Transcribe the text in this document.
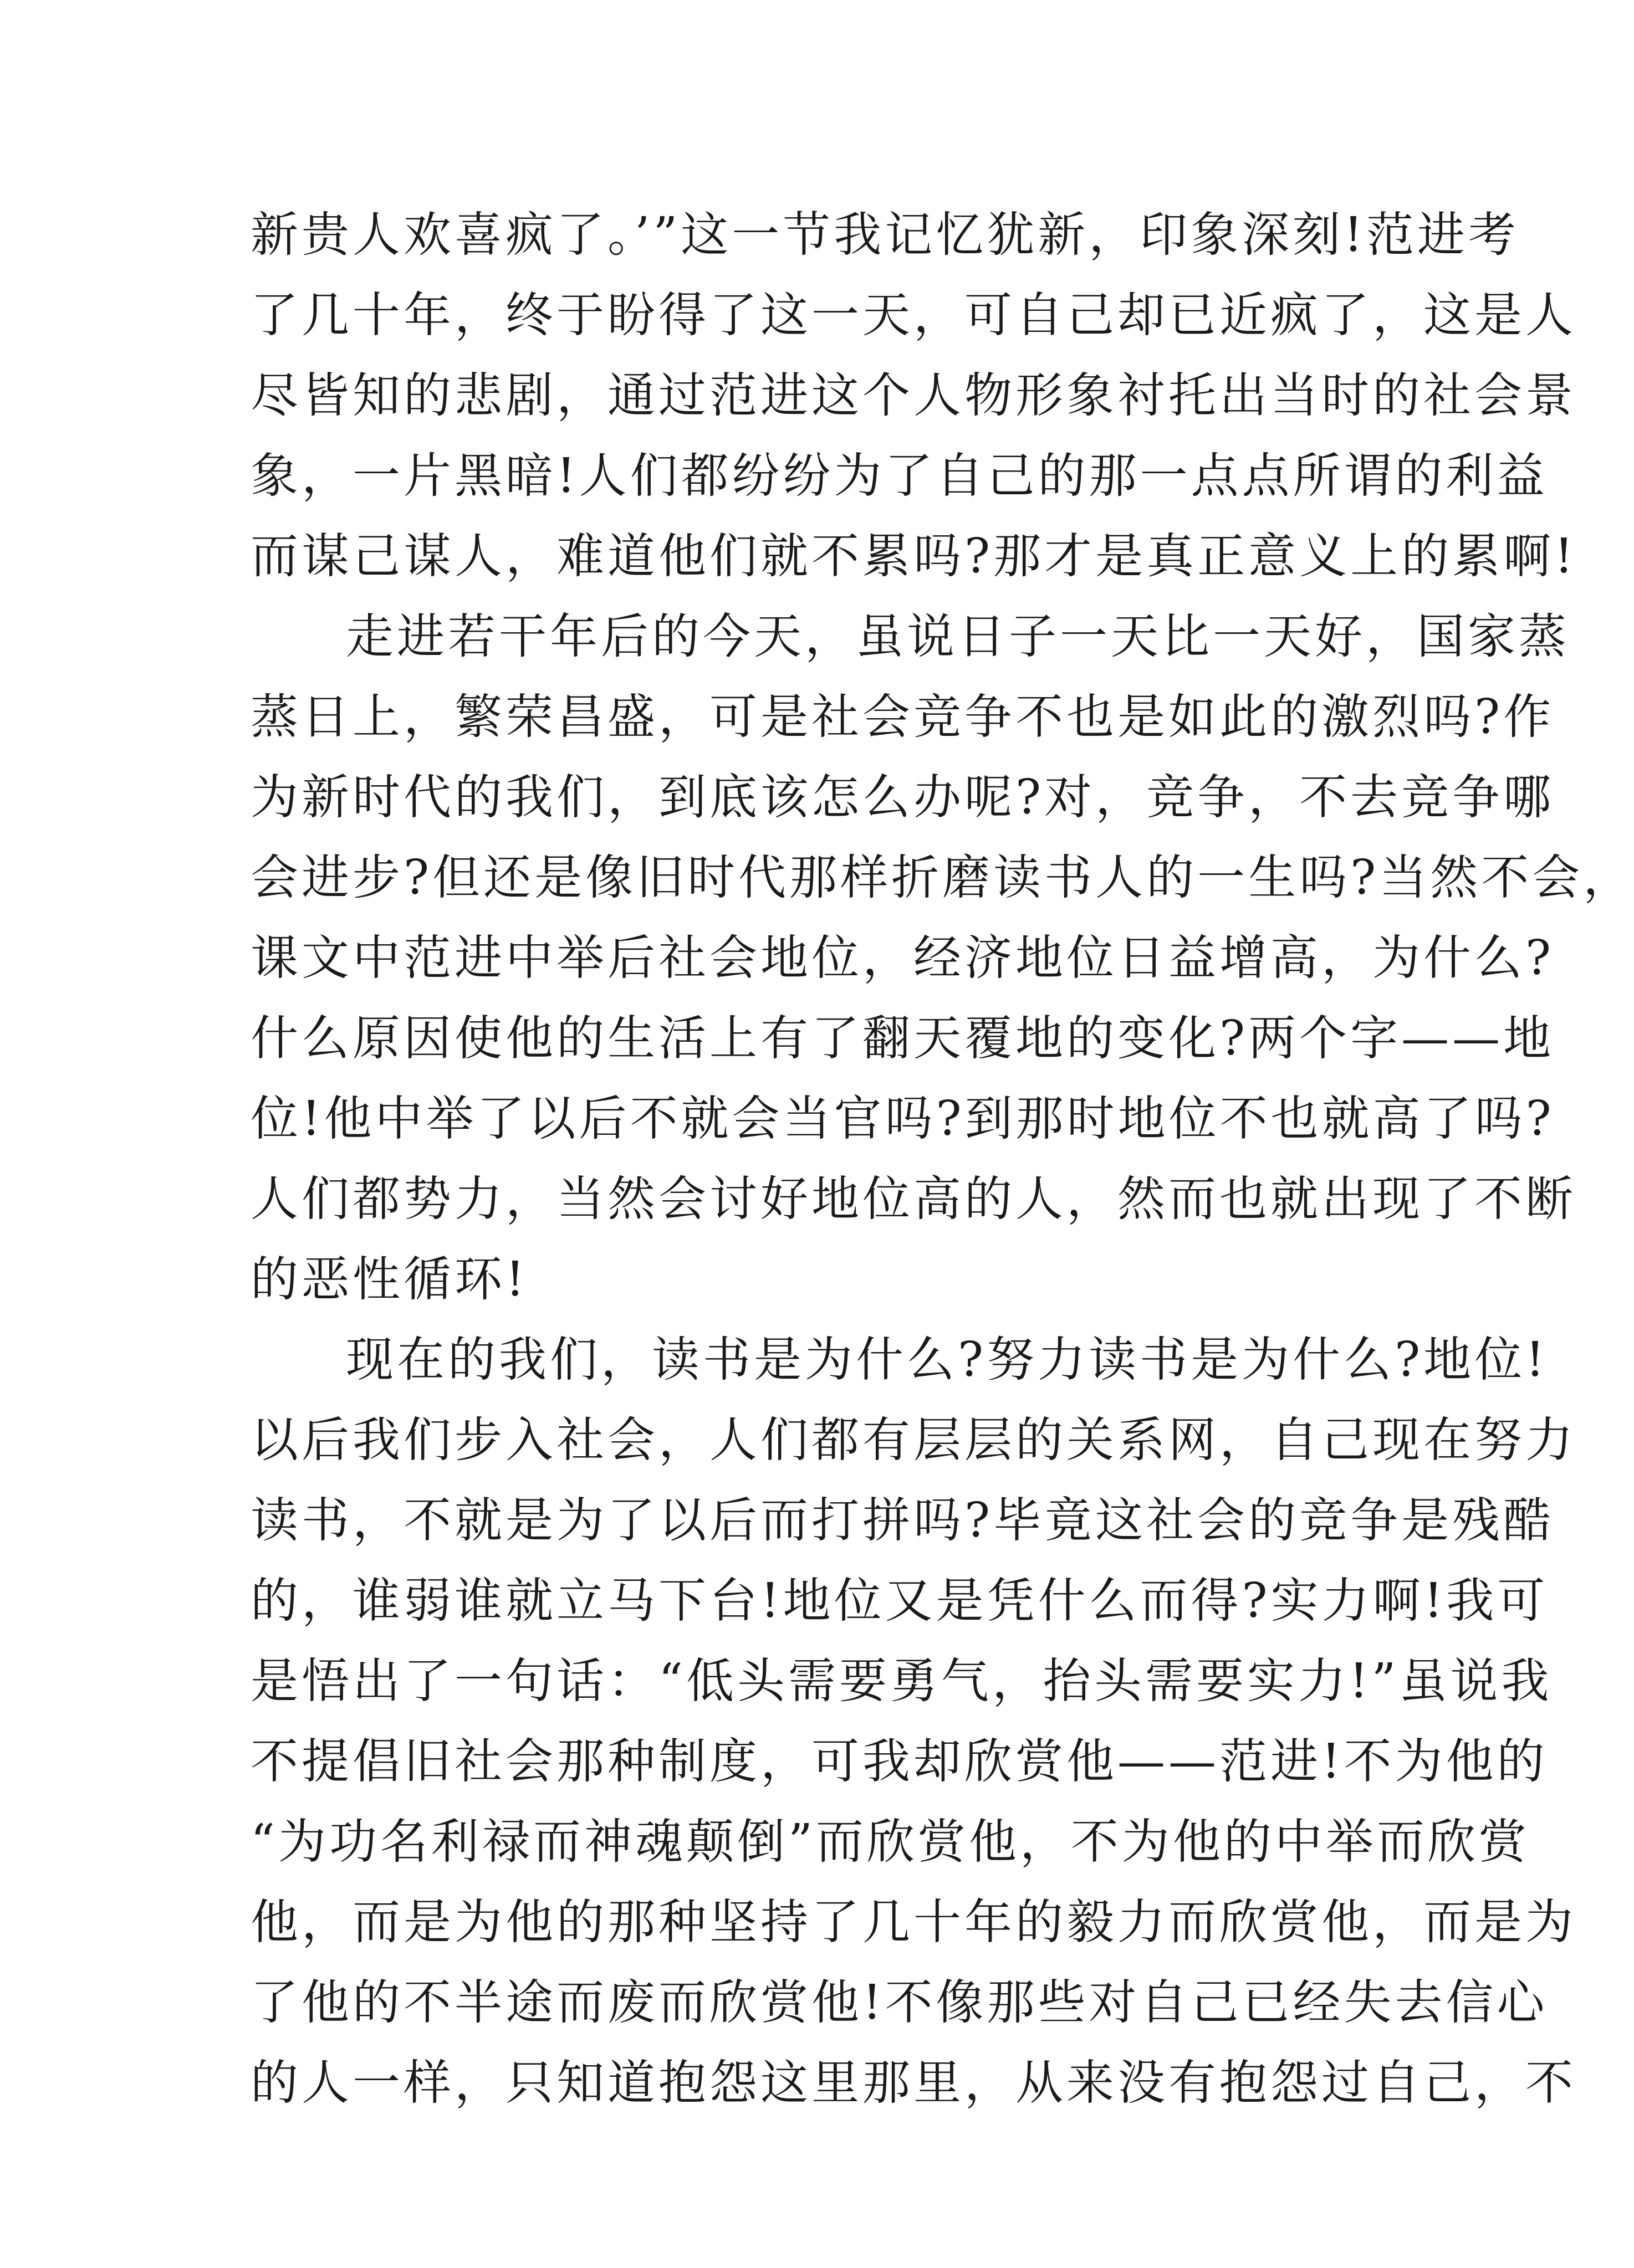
新贵人欢喜疯了。’”这一节我记忆犹新，印象深刻!范进考
了几十年，终于盼得了这一天，可自己却已近疯了，这是人
尽皆知的悲剧，通过范进这个人物形象衬托出当时的社会景
象，一片黑暗!人们都纷纷为了自己的那一点点所谓的利益
而谋己谋人，难道他们就不累吗?那才是真正意义上的累啊!
走进若干年后的今天，虽说日子一天比一天好，国家蒸
蒸日上，繁荣昌盛，可是社会竞争不也是如此的激烈吗?作
为新时代的我们，到底该怎么办呢?对，竞争，不去竞争哪
会进步?但还是像旧时代那样折磨读书人的一生吗?当然不会，
课文中范进中举后社会地位，经济地位日益增高，为什么?
什么原因使他的生活上有了翻天覆地的变化?两个字——地
位!他中举了以后不就会当官吗?到那时地位不也就高了吗?
人们都势力，当然会讨好地位高的人，然而也就出现了不断
的恶性循环!
现在的我们，读书是为什么?努力读书是为什么?地位!
以后我们步入社会，人们都有层层的关系网，自己现在努力
读书，不就是为了以后而打拼吗?毕竟这社会的竞争是残酷
的，谁弱谁就立马下台!地位又是凭什么而得?实力啊!我可
是悟出了一句话：“低头需要勇气，抬头需要实力!”虽说我
不提倡旧社会那种制度，可我却欣赏他——范进!不为他的
“为功名利禄而神魂颠倒”而欣赏他，不为他的中举而欣赏
他，而是为他的那种坚持了几十年的毅力而欣赏他，而是为
了他的不半途而废而欣赏他!不像那些对自己已经失去信心
的人一样，只知道抱怨这里那里，从来没有抱怨过自己，不
